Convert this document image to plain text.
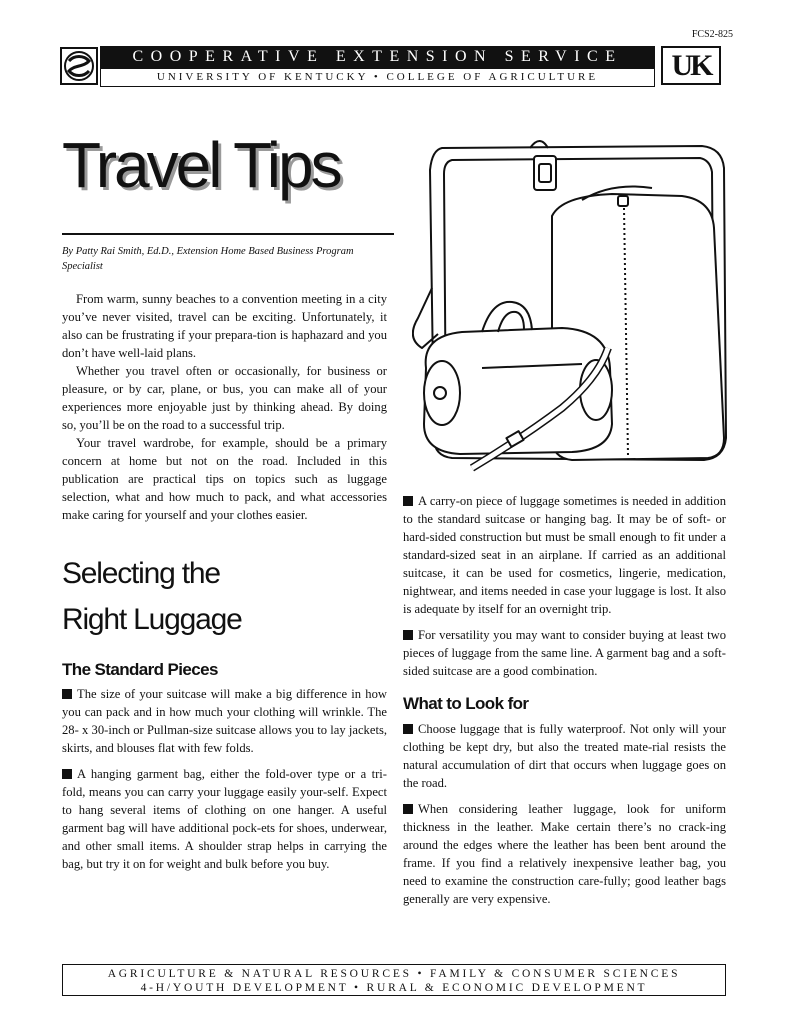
FCS2-825
COOPERATIVE EXTENSION SERVICE
UNIVERSITY OF KENTUCKY • COLLEGE OF AGRICULTURE	UK
Travel Tips
By Patty Rai Smith, Ed.D., Extension Home Based Business Program Specialist

From warm, sunny beaches to a convention meeting in a city you’ve never visited, travel can be exciting. Unfortunately, it also can be frustrating if your prepara-tion is haphazard and you don’t have well-laid plans.

Whether you travel often or occasionally, for business or pleasure, or by car, plane, or bus, you can make all of your experiences more enjoyable just by thinking ahead. By doing so, you’ll be on the road to a successful trip.

Your travel wardrobe, for example, should be a primary concern at home but not on the road. Included in this publication are practical tips on topics such as luggage selection, what and how much to pack, and what accessories make caring for yourself and your clothes easier.

Selecting the
Right Luggage
The Standard Pieces

The size of your suitcase will make a big difference in how you can pack and in how much your clothing will wrinkle. The 28- x 30-inch or Pullman-size suitcase allows you to lay jackets, skirts, and blouses flat with few folds.

A hanging garment bag, either the fold-over type or a tri-fold, means you can carry your luggage easily your-self. Expect to hang several items of clothing on one hanger. A useful garment bag will have additional pock-ets for shoes, underwear, and other small items. A shoulder strap helps in carrying the bag, but try it on for weight and bulk before you buy.

A carry-on piece of luggage sometimes is needed in addition to the standard suitcase or hanging bag. It may be of soft- or hard-sided construction but must be small enough to fit under a standard-sized seat in an airplane. If carried as an additional suitcase, it can be used for cosmetics, lingerie, medication, nightwear, and items needed in case your luggage is lost. It also is adequate by itself for an overnight trip.

For versatility you may want to consider buying at least two pieces of luggage from the same line. A garment bag and a soft-sided suitcase are a good combination.

What to Look for

Choose luggage that is fully waterproof. Not only will your clothing be kept dry, but also the treated mate-rial resists the natural accumulation of dirt that occurs when luggage goes on the road.

When considering leather luggage, look for uniform thickness in the leather. Make certain there’s no crack-ing around the edges where the leather has been bent around the frame. If you find a relatively inexpensive leather bag, you need to examine the construction care-fully; good leather bags generally are very expensive.

AGRICULTURE & NATURAL RESOURCES • FAMILY & CONSUMER SCIENCES
4-H/YOUTH DEVELOPMENT • RURAL & ECONOMIC DEVELOPMENT
